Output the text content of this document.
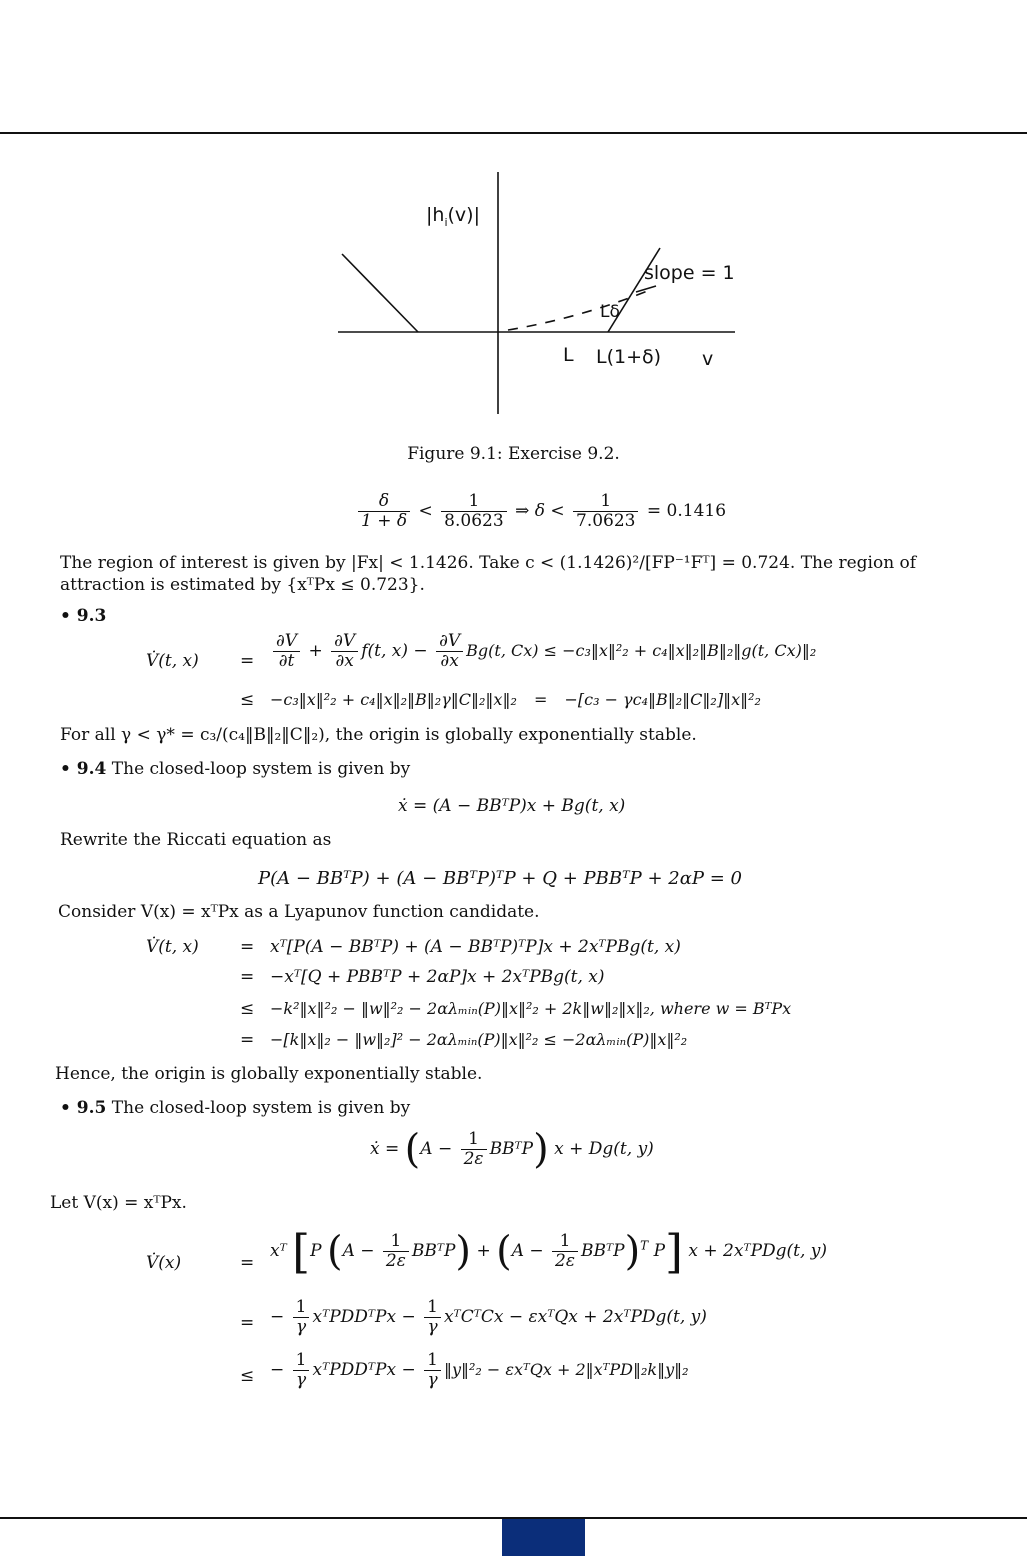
$|h_i(v)|$
slope = 1
Lδ
L L(1+δ) v
Figure 9.1: Exercise 9.2.
$\frac{\delta}{1 + \delta} < \frac{1}{8.0623}$ ⇒ $\delta < \frac{1}{7.0623} = 0.1416$
The region of interest is given by |Fx| < 1.1426. Take c < (1.1426)²/[FP⁻¹Fᵀ] = 0.724. The region of attraction is estimated by {xᵀPx ≤ 0.723}.
• 9.3
V̇(t, $x) = \frac{\partial V}{\partial t} + \frac{\partial V}{\partial x} f(t$, $x) - \frac{\partial V}{\partial x} Bg(t$, Cx) ≤ −c₃‖x‖²₂ + c₄‖x‖₂‖B‖₂‖g(t, Cx)‖₂
≤ −c₃‖x‖²₂ + c₄‖x‖₂‖B‖₂γ‖C‖₂‖x‖₂ = −[c₃ − γc₄‖B‖₂‖C‖₂]‖x‖²₂
For all γ < γ* = c₃/(c₄‖B‖₂‖C‖₂), the origin is globally exponentially stable.
• 9.4 The closed-loop system is given by
ẋ = (A − BBᵀP)x + Bg(t, x)
Rewrite the Riccati equation as
P(A − BBᵀP) + (A − BBᵀP)ᵀP + Q + PBBᵀP + 2αP = 0
Consider V(x) = xᵀPx as a Lyapunov function candidate.
V̇(t, x) = xᵀ[P(A − BBᵀP) + (A − BBᵀP)ᵀP]x + 2xᵀPBg(t, x)
= −xᵀ[Q + PBBᵀP + 2αP]x + 2xᵀPBg(t, x)
≤ −k²‖x‖²₂ − ‖w‖²₂ − 2αλₘᵢₙ(P)‖x‖²₂ + 2k‖w‖₂‖x‖₂, where w = BᵀPx
= −[k‖x‖₂ − ‖w‖₂]² − 2αλₘᵢₙ(P)‖x‖²₂ ≤ −2αλₘᵢₙ(P)‖x‖²₂
Hence, the origin is globally exponentially stable.
• 9.5 The closed-loop system is given by
ẋ = ($A - \frac{1}{2\varepsilon}$ BBᵀP) x + Dg(t, y)
Let V(x) = xᵀPx.
V̇(x)	=
xᵀ [P ($A - \frac{1}{2\varepsilon}$ BBᵀP) + ($A - \frac{1}{2\varepsilon}$ BBᵀP)$^T$ P] x + 2xᵀPDg(t, y)
= − $\frac{1}{\gamma}$ xᵀPDDᵀPx − $\frac{1}{\gamma}$ xᵀCᵀCx − εxᵀQx + 2xᵀPDg(t, y)
≤ − $\frac{1}{\gamma}$ xᵀPDDᵀPx − $\frac{1}{\gamma}$ ‖y‖²₂ − εxᵀQx + 2‖xᵀPD‖₂k‖y‖₂
